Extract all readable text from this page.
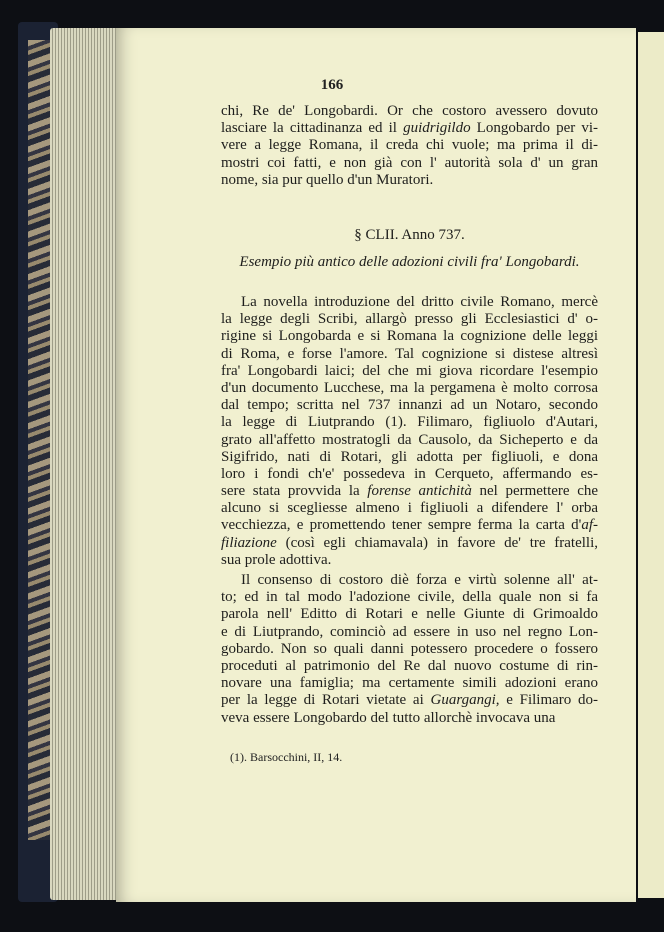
166
chi, Re de' Longobardi. Or che costoro avessero dovuto
lasciare la cittadinanza ed il guidrigildo Longobardo per vi-
vere a legge Romana, il creda chi vuole; ma prima il di-
mostri coi fatti, e non già con l' autorità sola d' un gran
nome, sia pur quello d'un Muratori.
§ CLII. Anno 737.
Esempio più antico delle adozioni civili fra' Longobardi.
La novella introduzione del dritto civile Romano, mercè
la legge degli Scribi, allargò presso gli Ecclesiastici d' o-
rigine si Longobarda e si Romana la cognizione delle leggi
di Roma, e forse l'amore. Tal cognizione si distese altresì
fra' Longobardi laici; del che mi giova ricordare l'esempio
d'un documento Lucchese, ma la pergamena è molto corrosa
dal tempo; scritta nel 737 innanzi ad un Notaro, secondo
la legge di Liutprando (1). Filimaro, figliuolo d'Autari,
grato all'affetto mostratogli da Causolo, da Sicheperto e da
Sigifrido, nati di Rotari, gli adotta per figliuoli, e dona
loro i fondi ch'e' possedeva in Cerqueto, affermando es-
sere stata provvida la forense antichità nel permettere che
alcuno si scegliesse almeno i figliuoli a difendere l' orba
vecchiezza, e promettendo tener sempre ferma la carta d'af-
filiazione (così egli chiamavala) in favore de' tre fratelli,
sua prole adottiva.
Il consenso di costoro diè forza e virtù solenne all' at-
to; ed in tal modo l'adozione civile, della quale non si fa
parola nell' Editto di Rotari e nelle Giunte di Grimoaldo
e di Liutprando, cominciò ad essere in uso nel regno Lon-
gobardo. Non so quali danni potessero procedere o fossero
proceduti al patrimonio del Re dal nuovo costume di rin-
novare una famiglia; ma certamente simili adozioni erano
per la legge di Rotari vietate ai Guargangi, e Filimaro do-
veva essere Longobardo del tutto allorchè invocava una
(1). Barsocchini, II, 14.
